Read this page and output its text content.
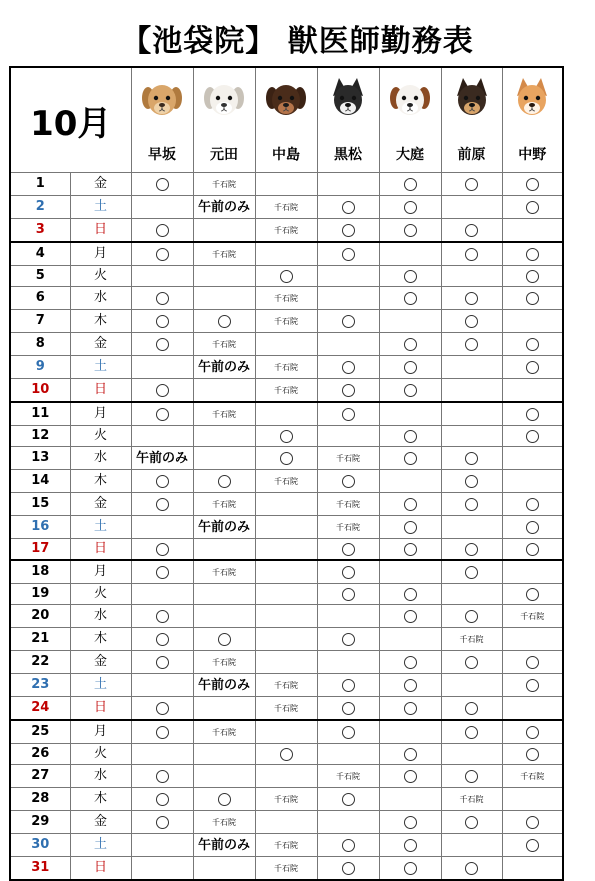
【池袋院】 獣医師勤務表
10月		早坂	元田	中島	黒松	大庭	前原	中野

1	金		千石院					
2	土		午前のみ	千石院				
3	日			千石院				
4	月		千石院					
5	火							
6	水			千石院				
7	木			千石院				
8	金		千石院					
9	土		午前のみ	千石院				
10	日			千石院				
11	月		千石院					
12	火							
13	水	午前のみ			千石院			
14	木			千石院				
15	金		千石院		千石院			
16	土		午前のみ		千石院			
17	日							
18	月		千石院					
19	火							
20	水							千石院
21	木						千石院	
22	金		千石院					
23	土		午前のみ	千石院				
24	日			千石院				
25	月		千石院					
26	火							
27	水				千石院			千石院
28	木			千石院			千石院	
29	金		千石院					
30	土		午前のみ	千石院				
31	日			千石院				
